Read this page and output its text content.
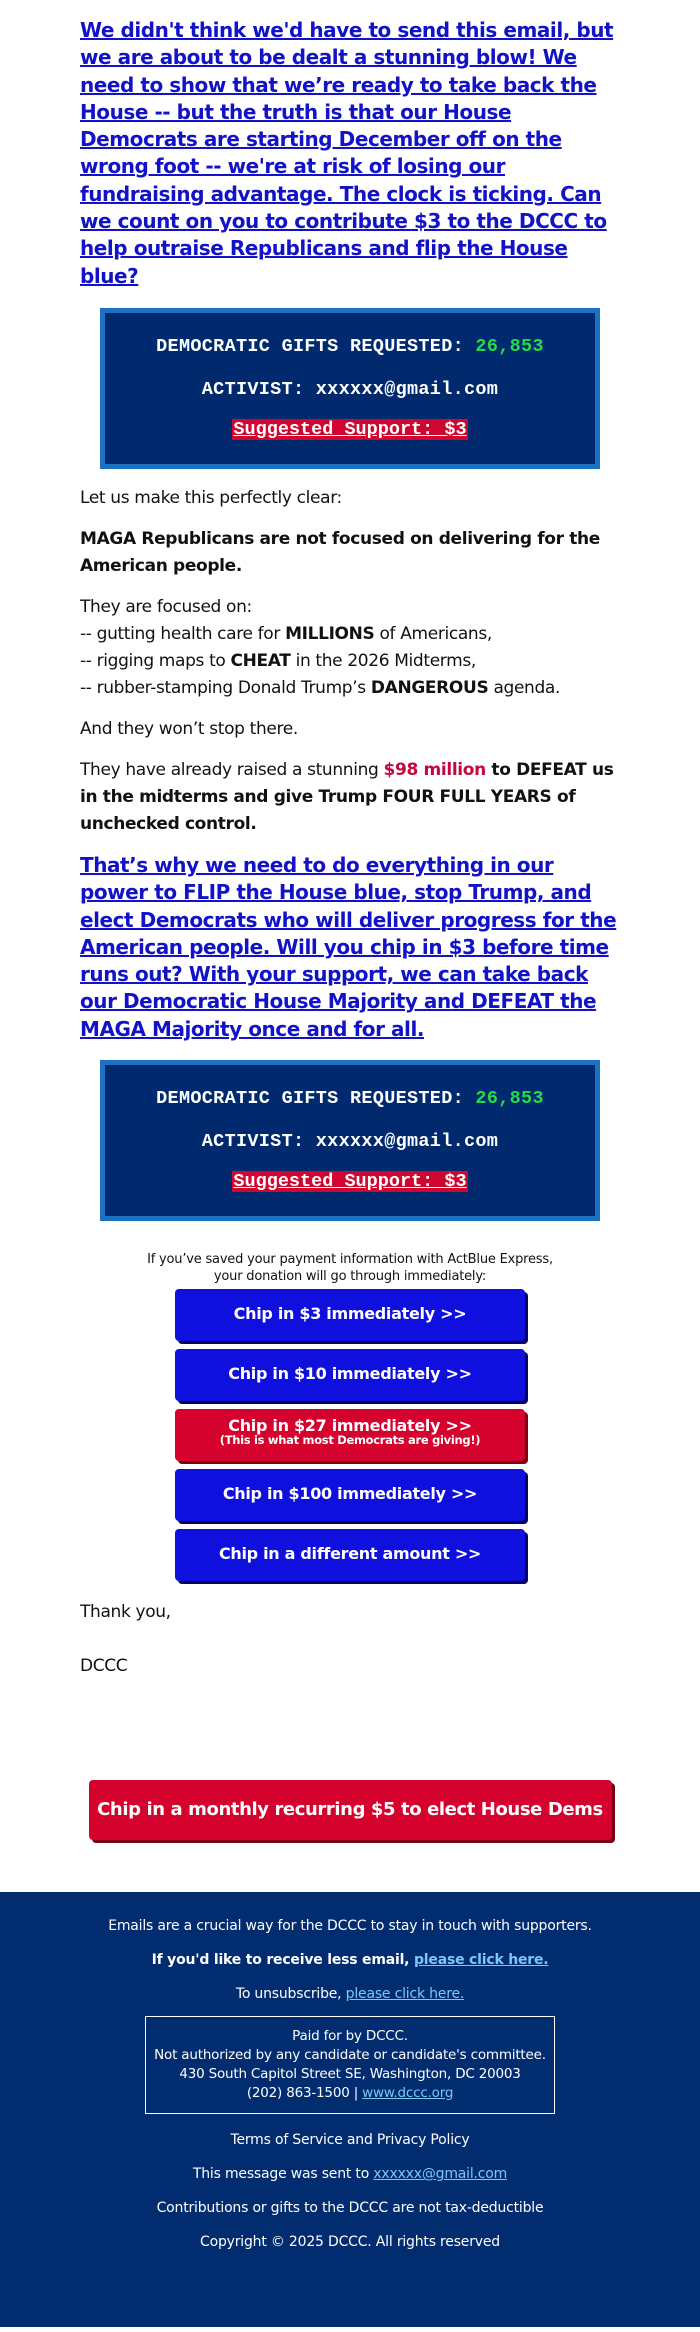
We didn't think we'd have to send this email, but we are about to be dealt a stunning blow! We need to show that we’re ready to take back the House -- but the truth is that our House Democrats are starting December off on the wrong foot -- we're at risk of losing our fundraising advantage. The clock is ticking. Can we count on you to contribute $3 to the DCCC to help outraise Republicans and flip the House blue?
DEMOCRATIC GIFTS REQUESTED: 26,853
ACTIVIST: xxxxxx@gmail.com
Suggested Support: $3

Let us make this perfectly clear:

MAGA Republicans are not focused on delivering for the American people.

They are focused on:

-- gutting health care for MILLIONS of Americans,

-- rigging maps to CHEAT in the 2026 Midterms,

-- rubber-stamping Donald Trump’s DANGEROUS agenda.

And they won’t stop there.

They have already raised a stunning $98 million to DEFEAT us in the midterms and give Trump FOUR FULL YEARS of unchecked control.

That’s why we need to do everything in our power to FLIP the House blue, stop Trump, and elect Democrats who will deliver progress for the American people. Will you chip in $3 before time runs out? With your support, we can take back our Democratic House Majority and DEFEAT the MAGA Majority once and for all.
DEMOCRATIC GIFTS REQUESTED: 26,853
ACTIVIST: xxxxxx@gmail.com
Suggested Support: $3
If you’ve saved your payment information with ActBlue Express,
your donation will go through immediately:
Chip in $3 immediately >>
Chip in $10 immediately >>
Chip in $27 immediately >>
(This is what most Democrats are giving!)
Chip in $100 immediately >>
Chip in a different amount >>

Thank you,

DCCC

Chip in a monthly recurring $5 to elect House Dems >>

Emails are a crucial way for the DCCC to stay in touch with supporters.

If you'd like to receive less email, please click here.

To unsubscribe, please click here.

Paid for by DCCC.
Not authorized by any candidate or candidate's committee.
430 South Capitol Street SE, Washington, DC 20003
(202) 863-1500 | www.dccc.org

Terms of Service and Privacy Policy

This message was sent to xxxxxx@gmail.com

Contributions or gifts to the DCCC are not tax-deductible

Copyright © 2025 DCCC. All rights reserved
